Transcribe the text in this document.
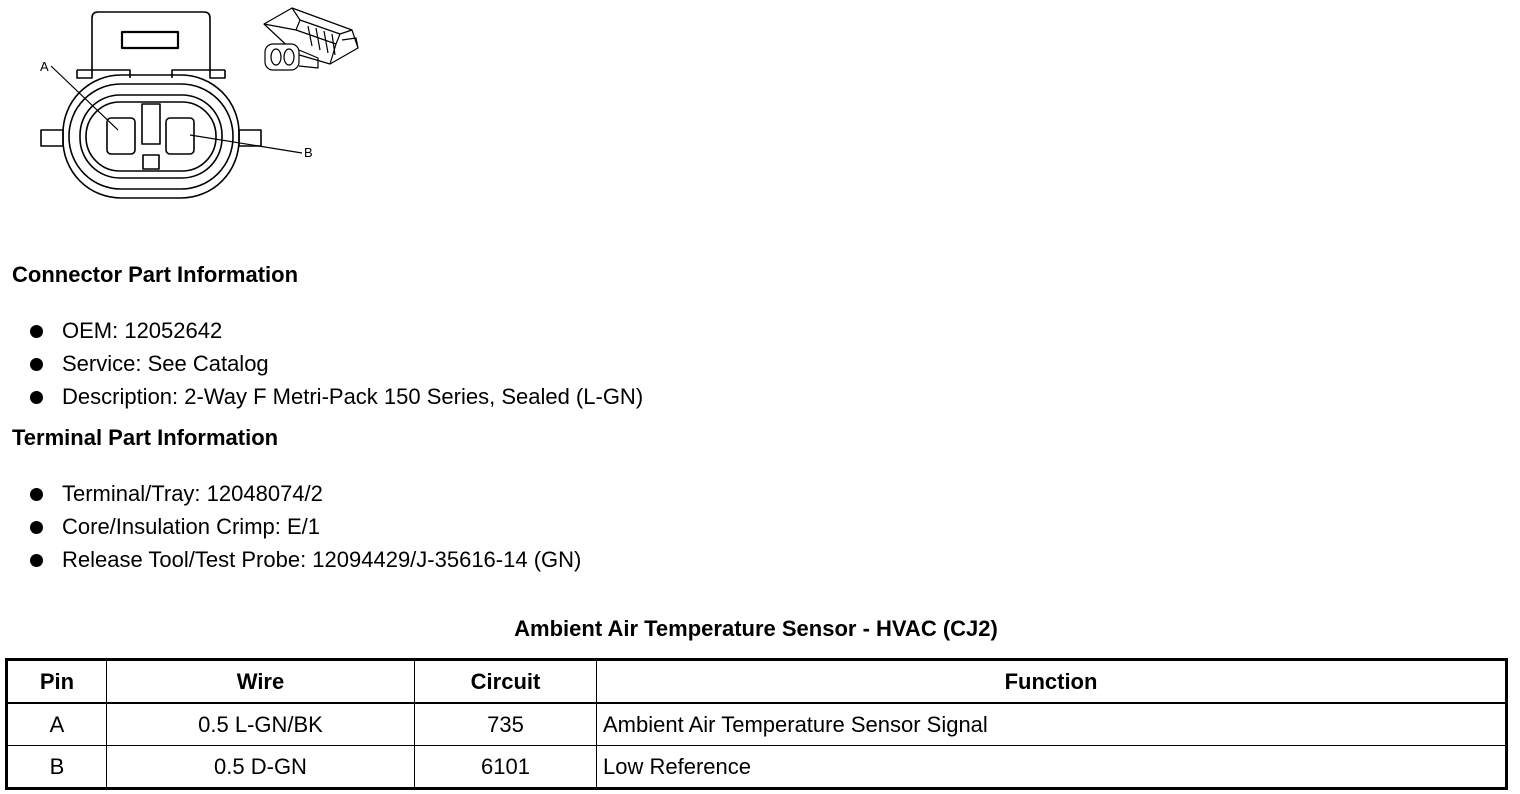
A
B
Connector Part Information
OEM: 12052642
Service: See Catalog
Description: 2-Way F Metri-Pack 150 Series, Sealed (L-GN)
Terminal Part Information
Terminal/Tray: 12048074/2
Core/Insulation Crimp: E/1
Release Tool/Test Probe: 12094429/J-35616-14 (GN)
Ambient Air Temperature Sensor - HVAC (CJ2)
Pin	Wire	Circuit	Function
A	0.5 L-GN/BK	735	Ambient Air Temperature Sensor Signal
B	0.5 D-GN	6101	Low Reference
